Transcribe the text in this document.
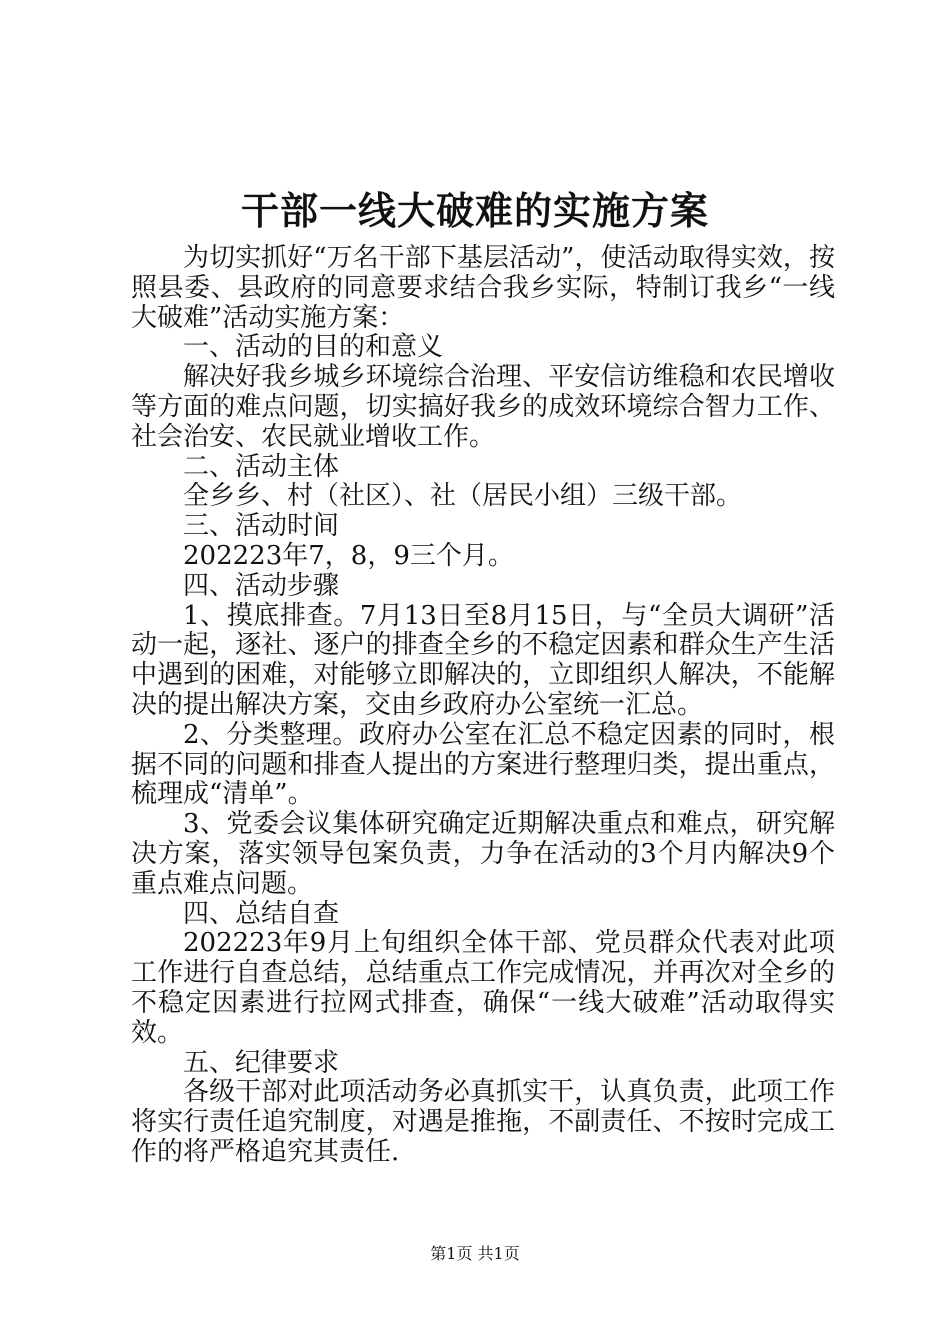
干部一线大破难的实施方案

为切实抓好“万名干部下基层活动”，使活动取得实效，按照县委、县政府的同意要求结合我乡实际，特制订我乡“一线大破难”活动实施方案：

一、活动的目的和意义

解决好我乡城乡环境综合治理、平安信访维稳和农民增收等方面的难点问题，切实搞好我乡的成效环境综合智力工作、社会治安、农民就业增收工作。

二、活动主体

全乡乡、村（社区）、社（居民小组）三级干部。

三、活动时间

202223年7，8，9三个月。

四、活动步骤

1、摸底排查。7月13日至8月15日，与“全员大调研”活动一起，逐社、逐户的排查全乡的不稳定因素和群众生产生活中遇到的困难，对能够立即解决的，立即组织人解决，不能解决的提出解决方案，交由乡政府办公室统一汇总。

2、分类整理。政府办公室在汇总不稳定因素的同时，根据不同的问题和排查人提出的方案进行整理归类，提出重点，梳理成“清单”。

3、党委会议集体研究确定近期解决重点和难点，研究解决方案，落实领导包案负责，力争在活动的3个月内解决9个重点难点问题。

四、总结自查

202223年9月上旬组织全体干部、党员群众代表对此项工作进行自查总结，总结重点工作完成情况，并再次对全乡的不稳定因素进行拉网式排查，确保“一线大破难”活动取得实效。

五、纪律要求

各级干部对此项活动务必真抓实干，认真负责，此项工作将实行责任追究制度，对遇是推拖，不副责任、不按时完成工作的将严格追究其责任.

第1页 共1页
